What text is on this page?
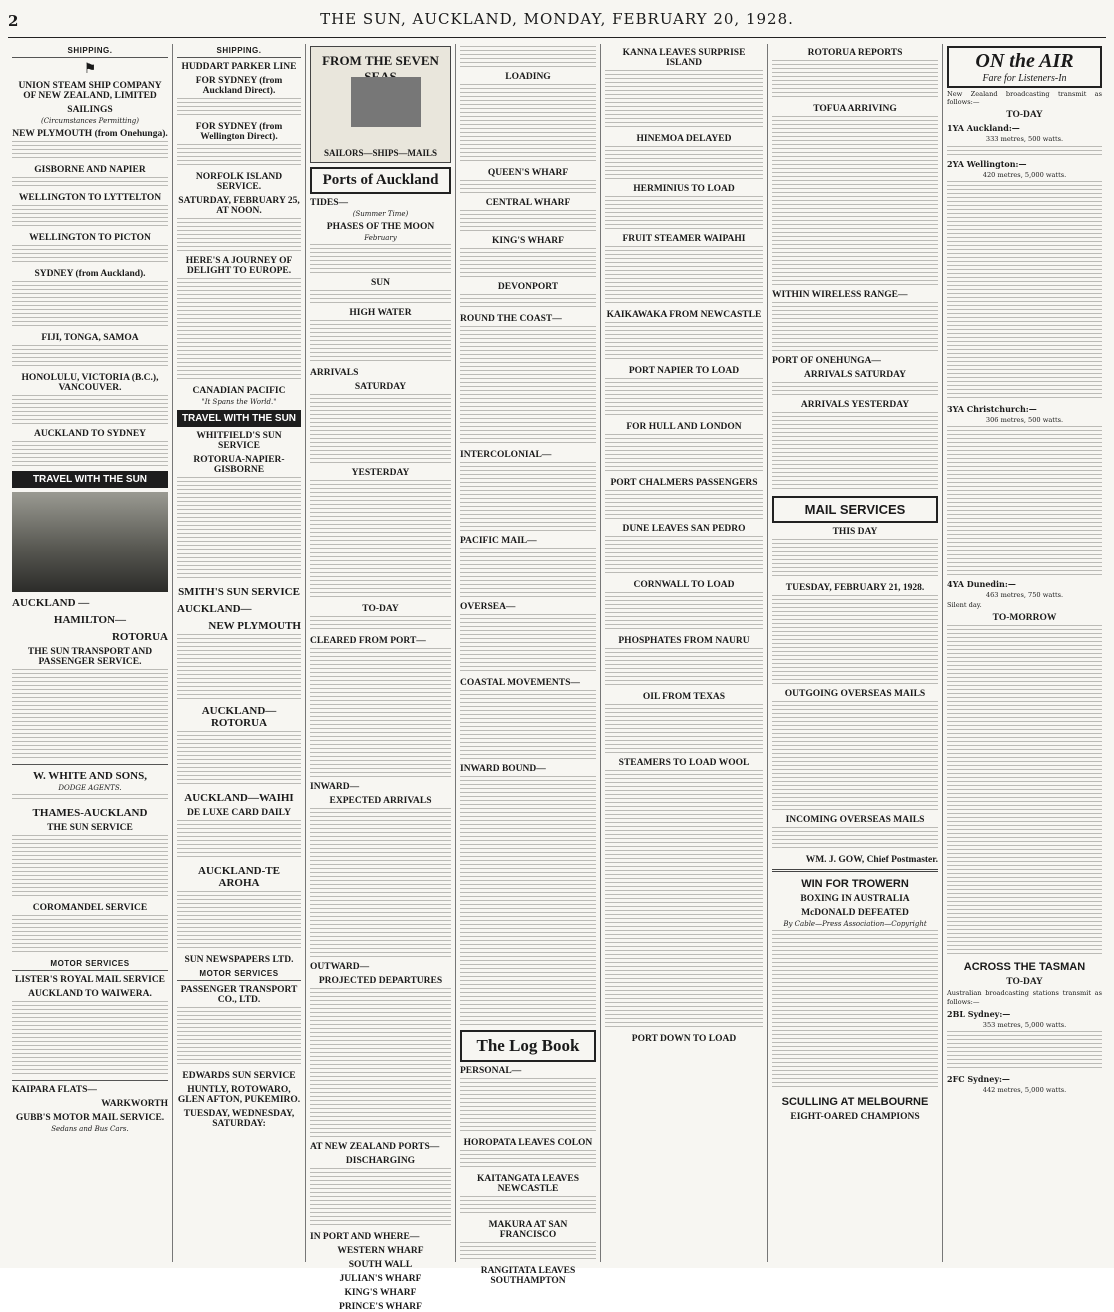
2	THE SUN, AUCKLAND, MONDAY, FEBRUARY 20, 1928.
SHIPPING.
⚑
UNION STEAM SHIP COMPANY OF NEW ZEALAND, LIMITED
SAILINGS
(Circumstances Permitting)
NEW PLYMOUTH (from Onehunga).
GISBORNE AND NAPIER
WELLINGTON TO LYTTELTON
WELLINGTON TO PICTON
SYDNEY (from Auckland).
FIJI, TONGA, SAMOA
HONOLULU, VICTORIA (B.C.), VANCOUVER.
AUCKLAND TO SYDNEY
TRAVEL WITH THE SUN
AUCKLAND —
HAMILTON—
ROTORUA
THE SUN TRANSPORT AND PASSENGER SERVICE.
W. WHITE AND SONS,
DODGE AGENTS.
THAMES-AUCKLAND
THE SUN SERVICE
COROMANDEL SERVICE
MOTOR SERVICES
LISTER'S ROYAL MAIL SERVICE
AUCKLAND TO WAIWERA.
KAIPARA FLATS—
WARKWORTH
GUBB'S MOTOR MAIL SERVICE.
Sedans and Bus Cars.
SHIPPING.
HUDDART PARKER LINE
FOR SYDNEY (from Auckland Direct).
FOR SYDNEY (from Wellington Direct).
NORFOLK ISLAND SERVICE.
SATURDAY, FEBRUARY 25, AT NOON.
HERE'S A JOURNEY OF DELIGHT TO EUROPE.
CANADIAN PACIFIC
"It Spans the World."
TRAVEL WITH THE SUN
WHITFIELD'S SUN SERVICE
ROTORUA-NAPIER-GISBORNE
SMITH'S SUN SERVICE
AUCKLAND—
NEW PLYMOUTH
AUCKLAND—ROTORUA
AUCKLAND—WAIHI
DE LUXE CARD DAILY
AUCKLAND-TE AROHA
SUN NEWSPAPERS LTD.
MOTOR SERVICES
PASSENGER TRANSPORT CO., LTD.
EDWARDS SUN SERVICE
HUNTLY, ROTOWARO, GLEN AFTON, PUKEMIRO.
TUESDAY, WEDNESDAY, SATURDAY:
FROM THE SEVEN
SAILORS—SHIPS—MAILS
Ports of Auckland
TIDES—
(Summer Time)
PHASES OF THE MOON
February
SUN
HIGH WATER
ARRIVALS
SATURDAY
YESTERDAY
TO-DAY
CLEARED FROM PORT—
INWARD—
EXPECTED ARRIVALS
OUTWARD—
PROJECTED DEPARTURES
AT NEW ZEALAND PORTS—
DISCHARGING
IN PORT AND WHERE—
WESTERN WHARF
SOUTH WALL
JULIAN'S WHARF
KING'S WHARF
PRINCE'S WHARF
LOADING
QUEEN'S WHARF
CENTRAL WHARF
KING'S WHARF
DEVONPORT
ROUND THE COAST—
INTERCOLONIAL—
PACIFIC MAIL—
OVERSEA—
COASTAL MOVEMENTS—
INWARD BOUND—
The Log Book
PERSONAL—
HOROPATA LEAVES COLON
KAITANGATA LEAVES NEWCASTLE
MAKURA AT SAN FRANCISCO
RANGITATA LEAVES SOUTHAMPTON
KANNA LEAVES SURPRISE ISLAND
HINEMOA DELAYED
HERMINIUS TO LOAD
FRUIT STEAMER WAIPAHI
KAIKAWAKA FROM NEWCASTLE
PORT NAPIER TO LOAD
FOR HULL AND LONDON
PORT CHALMERS PASSENGERS
DUNE LEAVES SAN PEDRO
CORNWALL TO LOAD
PHOSPHATES FROM NAURU
OIL FROM TEXAS
STEAMERS TO LOAD WOOL
PORT DOWN TO LOAD
ROTORUA REPORTS
TOFUA ARRIVING
WITHIN WIRELESS RANGE—
PORT OF ONEHUNGA—
ARRIVALS SATURDAY
ARRIVALS YESTERDAY
MAIL SERVICES
THIS DAY
TUESDAY, FEBRUARY 21, 1928.
OUTGOING OVERSEAS MAILS
INCOMING OVERSEAS MAILS
WM. J. GOW, Chief Postmaster.
WIN FOR TROWERN
BOXING IN AUSTRALIA
McDONALD DEFEATED
By Cable—Press Association—Copyright
SCULLING AT MELBOURNE
EIGHT-OARED CHAMPIONS
ON the AIR
Fare for Listeners-In
New Zealand broadcasting transmit as follows:—
TO-DAY
1YA Auckland:—
333 metres, 500 watts.
2YA Wellington:—
420 metres, 5,000 watts.
3YA Christchurch:—
306 metres, 500 watts.
4YA Dunedin:—
463 metres, 750 watts.
Silent day.
TO-MORROW
ACROSS THE TASMAN
TO-DAY
Australian broadcasting stations transmit as follows:—
2BL Sydney:—
353 metres, 5,000 watts.
2FC Sydney:—
442 metres, 5,000 watts.
